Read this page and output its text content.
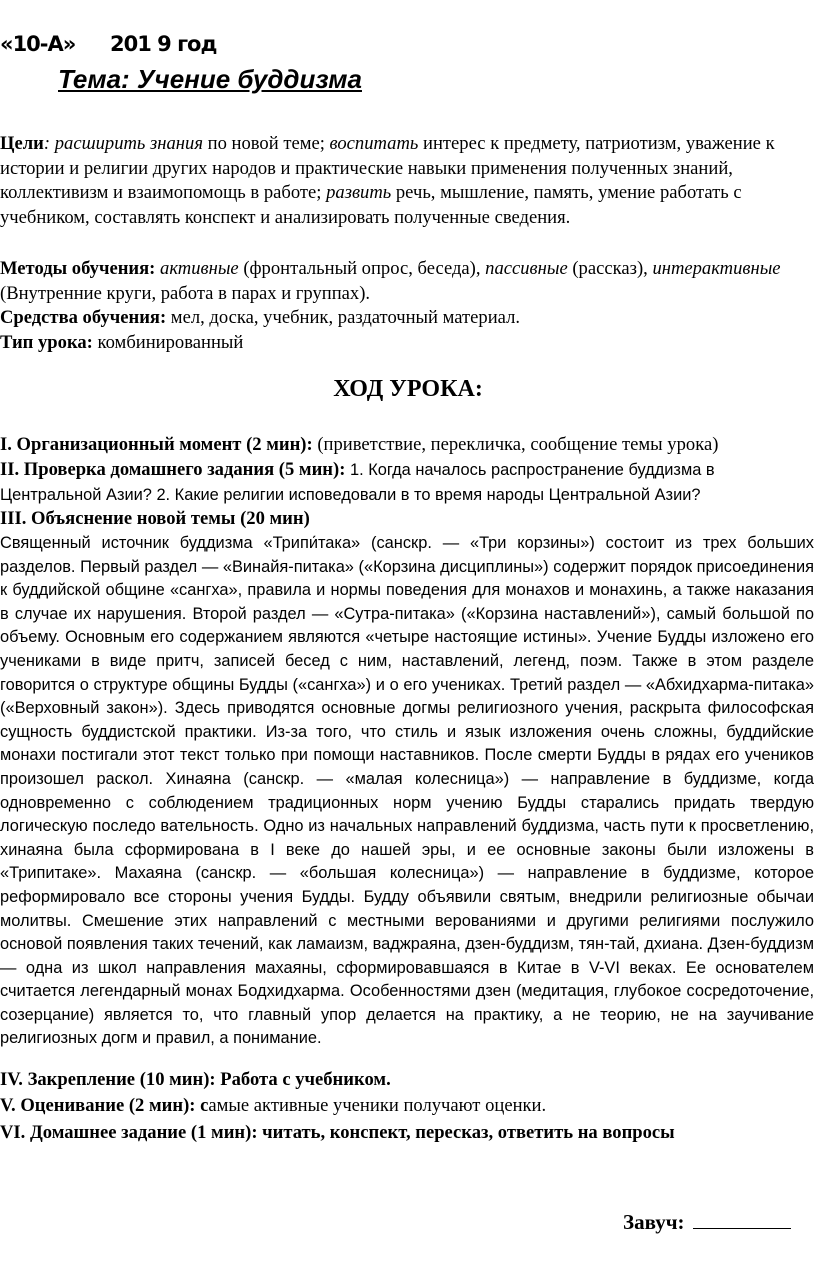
«10-А» 201 9 год
Тема: Учение буддизма

Цели: расширить знания по новой теме; воспитать интерес к предмету, патриотизм, уважение к истории и религии других народов и практические навыки применения полученных знаний, коллективизм и взаимопомощь в работе; развить речь, мышление, память, умение работать с учебником, составлять конспект и анализировать полученные сведения.

Методы обучения: активные (фронтальный опрос, беседа), пассивные (рассказ), интерактивные (Внутренние круги, работа в парах и группах).

Средства обучения: мел, доска, учебник, раздаточный материал.

Тип урока: комбинированный

ХОД УРОКА:

I. Организационный момент (2 мин): (приветствие, перекличка, сообщение темы урока)

II. Проверка домашнего задания (5 мин): 1. Когда началось распространение буддизма в Центральной Азии? 2. Какие религии исповедовали в то время народы Центральной Азии?

III. Объяснение новой темы (20 мин)

Священный источник буддизма «Трипи́така» (санскр. — «Три корзины») состоит из трех больших разделов. Первый раздел — «Винайя-питака» («Корзина дисциплины») содержит порядок присоединения к буддийской общине «сангха», правила и нормы поведения для монахов и монахинь, а также наказания в случае их нарушения. Второй раздел — «Сутра-питака» («Корзина наставлений»), самый большой по объему. Основным его содержанием являются «четыре настоящие истины». Учение Будды изложено его учениками в виде притч, записей бесед с ним, наставлений, легенд, поэм. Также в этом разделе говорится о структуре общины Будды («сангха») и о его учениках. Третий раздел — «Абхидхарма-питака» («Верховный закон»). Здесь приводятся основные догмы религиозного учения, раскрыта философская сущность буддистской практики. Из-за того, что стиль и язык изложения очень сложны, буддийские монахи постигали этот текст только при помощи наставников. После смерти Будды в рядах его учеников произошел раскол. Хинаяна (санскр. — «малая колесница») — направление в буддизме, когда одновременно с соблюдением традиционных норм учению Будды старались придать твердую логическую последо вательность. Одно из начальных направлений буддизма, часть пути к просветлению, хинаяна была сформирована в I веке до нашей эры, и ее основные законы были изложены в «Трипитаке». Махаяна (санскр. — «большая колесница») — направление в буддизме, которое реформировало все стороны учения Будды. Будду объявили святым, внедрили религиозные обычаи молитвы. Смешение этих направлений с местными верованиями и другими религиями послужило основой появления таких течений, как ламаизм, ваджраяна, дзен-буддизм, тян-тай, дхиана. Дзен-буддизм — одна из школ направления махаяны, сформировавшаяся в Китае в V-VI веках. Ее основателем считается легендарный монах Бодхидхарма. Особенностями дзен (медитация, глубокое сосредоточение, созерцание) является то, что главный упор делается на практику, а не теорию, не на заучивание религиозных догм и правил, а понимание.

IV. Закрепление (10 мин): Работа с учебником.

V. Оценивание (2 мин): самые активные ученики получают оценки.

VI. Домашнее задание (1 мин): читать, конспект, пересказ, ответить на вопросы

Завуч:
